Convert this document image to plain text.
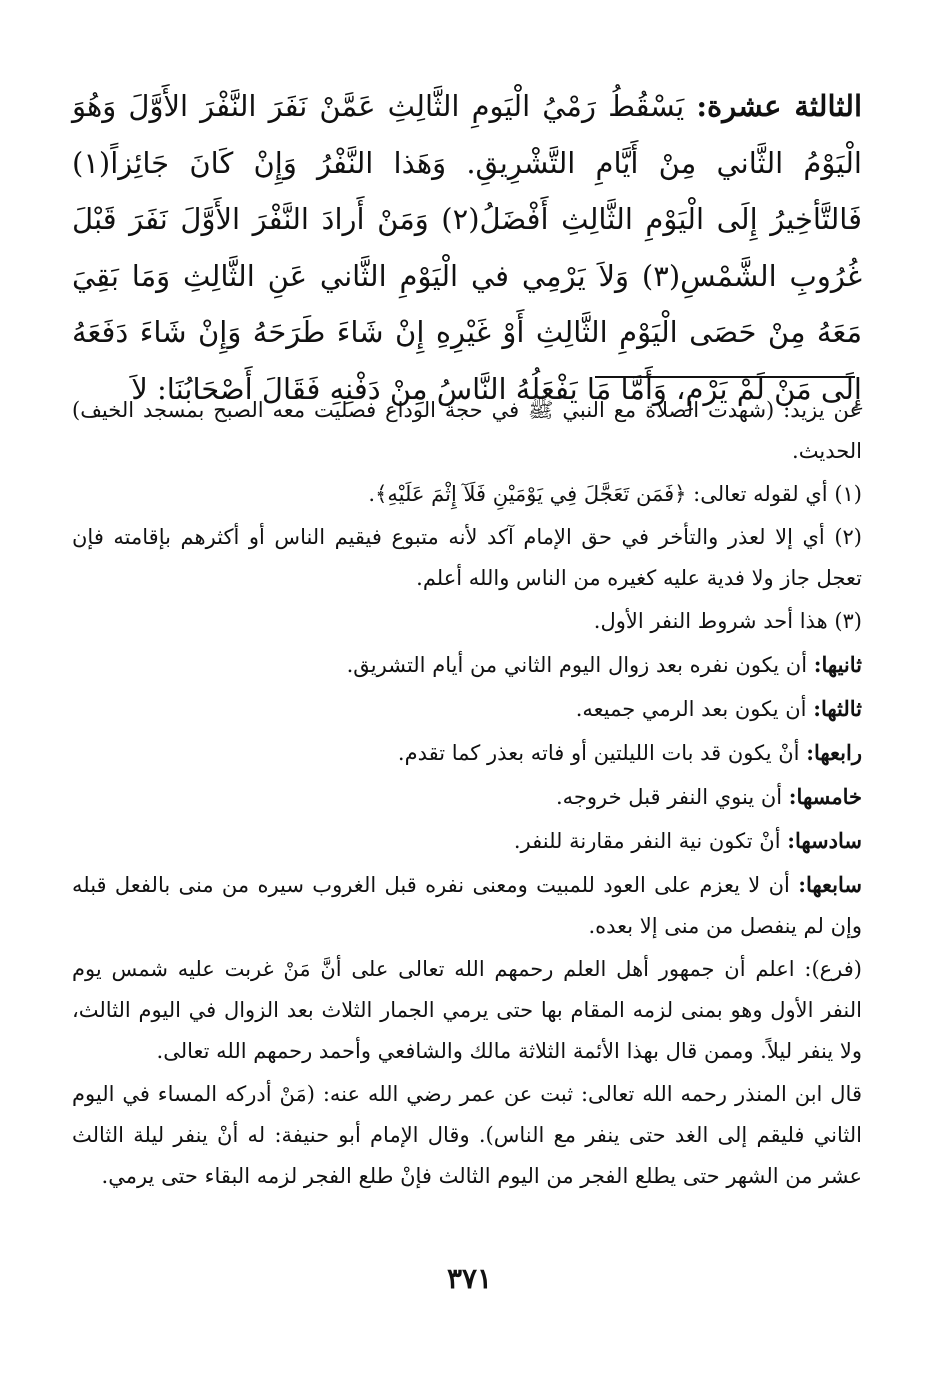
الثالثة عشرة: يَسْقُطُ رَمْيُ الْيَومِ الثَّالِثِ عَمَّنْ نَفَرَ النَّفْرَ الأَوَّلَ وَهُوَ الْيَوْمُ الثَّاني مِنْ أَيَّامِ التَّشْرِيقِ. وَهَذا النَّفْرُ وَإِنْ كَانَ جَائِزاً(١) فَالتَّأخِيرُ إِلَى الْيَوْمِ الثَّالِثِ أَفْضَلُ(٢) وَمَنْ أَرادَ النَّفْرَ الأَوَّلَ نَفَرَ قَبْلَ غُرُوبِ الشَّمْسِ(٣) وَلاَ يَرْمِي في الْيَوْمِ الثَّاني عَنِ الثَّالِثِ وَمَا بَقِيَ مَعَهُ مِنْ حَصَى الْيَوْمِ الثَّالِثِ أَوْ غَيْرِهِ إِنْ شَاءَ طَرَحَهُ وَإِنْ شَاءَ دَفَعَهُ إِلَى مَنْ لَمْ يَرْمِ، وَأَمَّا مَا يَفْعَلُهُ النَّاسُ مِنْ دَفْنِهِ فَقَالَ أَصْحَابُنَا: لاَ

عن يزيد: (شهدت الصلاة مع النبي ﷺ في حجة الوداع فصليت معه الصبح بمسجد الخيف) الحديث.

(١) أي لقوله تعالى: ﴿فَمَن تَعَجَّلَ فِي يَوْمَيْنِ فَلَآ إِثْمَ عَلَيْهِ﴾.

(٢) أي إلا لعذر والتأخر في حق الإمام آكد لأنه متبوع فيقيم الناس أو أكثرهم بإقامته فإن تعجل جاز ولا فدية عليه كغيره من الناس والله أعلم.

(٣) هذا أحد شروط النفر الأول.

ثانيها: أن يكون نفره بعد زوال اليوم الثاني من أيام التشريق.

ثالثها: أن يكون بعد الرمي جميعه.

رابعها: أنْ يكون قد بات الليلتين أو فاته بعذر كما تقدم.

خامسها: أن ينوي النفر قبل خروجه.

سادسها: أنْ تكون نية النفر مقارنة للنفر.

سابعها: أن لا يعزم على العود للمبيت ومعنى نفره قبل الغروب سيره من منى بالفعل قبله وإن لم ينفصل من منى إلا بعده.

(فرع): اعلم أن جمهور أهل العلم رحمهم الله تعالى على أنَّ مَنْ غربت عليه شمس يوم النفر الأول وهو بمنى لزمه المقام بها حتى يرمي الجمار الثلاث بعد الزوال في اليوم الثالث، ولا ينفر ليلاً. وممن قال بهذا الأئمة الثلاثة مالك والشافعي وأحمد رحمهم الله تعالى.

قال ابن المنذر رحمه الله تعالى: ثبت عن عمر رضي الله عنه: (مَنْ أدركه المساء في اليوم الثاني فليقم إلى الغد حتى ينفر مع الناس). وقال الإمام أبو حنيفة: له أنْ ينفر ليلة الثالث عشر من الشهر حتى يطلع الفجر من اليوم الثالث فإنْ طلع الفجر لزمه البقاء حتى يرمي.

٣٧١
